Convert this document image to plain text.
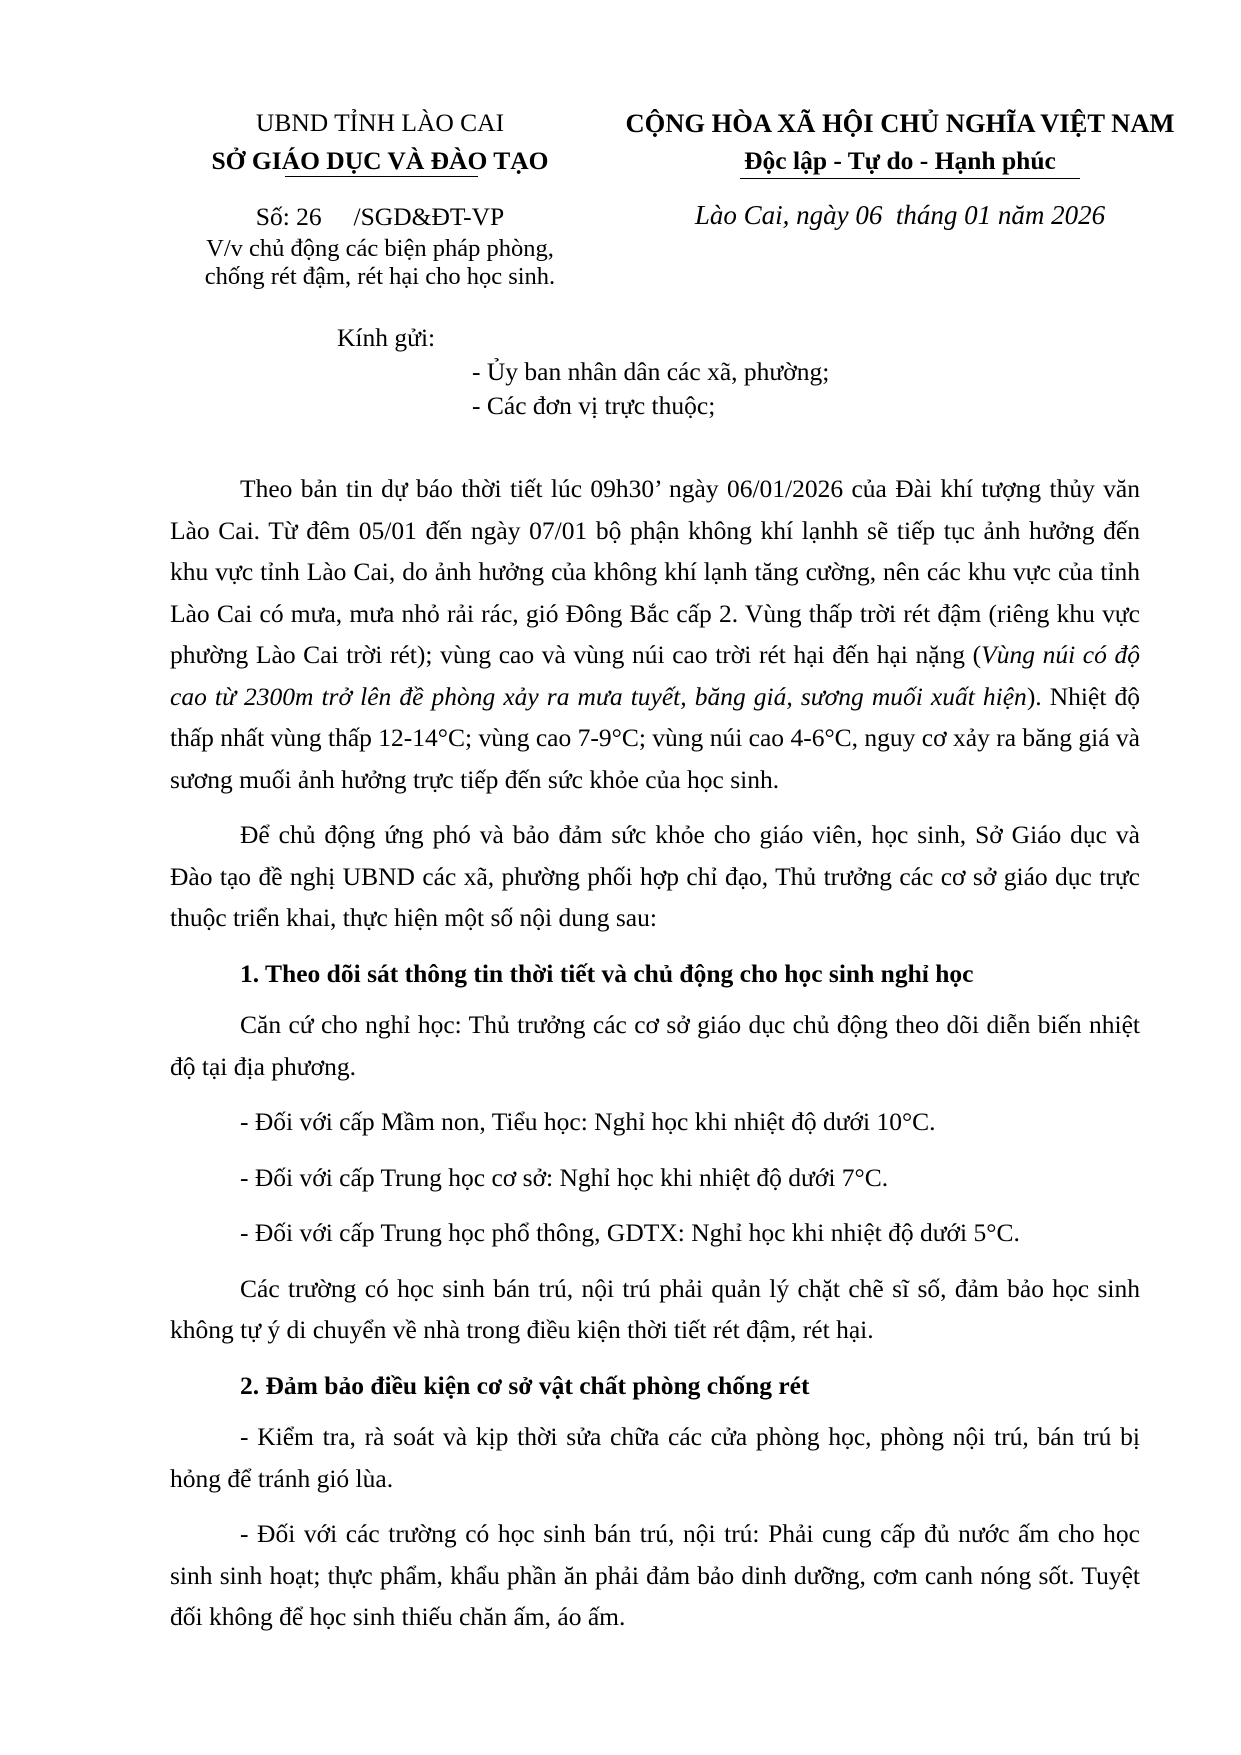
UBND TỈNH LÀO CAI
SỞ GIÁO DỤC VÀ ĐÀO TẠO
CỘNG HÒA XÃ HỘI CHỦ NGHĨA VIỆT NAM
Độc lập - Tự do - Hạnh phúc
Số: 26     /SGD&ĐT-VP
V/v chủ động các biện pháp phòng,
chống rét đậm, rét hại cho học sinh.
Lào Cai, ngày 06  tháng 01 năm 2026
Kính gửi:
- Ủy ban nhân dân các xã, phường;
- Các đơn vị trực thuộc;

Theo bản tin dự báo thời tiết lúc 09h30’ ngày 06/01/2026 của Đài khí tượng thủy văn Lào Cai. Từ đêm 05/01 đến ngày 07/01 bộ phận không khí lạnhh sẽ tiếp tục ảnh hưởng đến khu vực tỉnh Lào Cai, do ảnh hưởng của không khí lạnh tăng cường, nên các khu vực của tỉnh Lào Cai có mưa, mưa nhỏ rải rác, gió Đông Bắc cấp 2. Vùng thấp trời rét đậm (riêng khu vực phường Lào Cai trời rét); vùng cao và vùng núi cao trời rét hại đến hại nặng (Vùng núi có độ cao từ 2300m trở lên đề phòng xảy ra mưa tuyết, băng giá, sương muối xuất hiện). Nhiệt độ thấp nhất vùng thấp 12-14°C; vùng cao 7-9°C; vùng núi cao 4-6°C, nguy cơ xảy ra băng giá và sương muối ảnh hưởng trực tiếp đến sức khỏe của học sinh.

Để chủ động ứng phó và bảo đảm sức khỏe cho giáo viên, học sinh, Sở Giáo dục và Đào tạo đề nghị UBND các xã, phường phối hợp chỉ đạo, Thủ trưởng các cơ sở giáo dục trực thuộc triển khai, thực hiện một số nội dung sau:

1. Theo dõi sát thông tin thời tiết và chủ động cho học sinh nghỉ học

Căn cứ cho nghỉ học: Thủ trưởng các cơ sở giáo dục chủ động theo dõi diễn biến nhiệt độ tại địa phương.

- Đối với cấp Mầm non, Tiểu học: Nghỉ học khi nhiệt độ dưới 10°C.

- Đối với cấp Trung học cơ sở: Nghỉ học khi nhiệt độ dưới 7°C.

- Đối với cấp Trung học phổ thông, GDTX: Nghỉ học khi nhiệt độ dưới 5°C.

Các trường có học sinh bán trú, nội trú phải quản lý chặt chẽ sĩ số, đảm bảo học sinh không tự ý di chuyển về nhà trong điều kiện thời tiết rét đậm, rét hại.

2. Đảm bảo điều kiện cơ sở vật chất phòng chống rét

- Kiểm tra, rà soát và kịp thời sửa chữa các cửa phòng học, phòng nội trú, bán trú bị hỏng để tránh gió lùa.

- Đối với các trường có học sinh bán trú, nội trú: Phải cung cấp đủ nước ấm cho học sinh sinh hoạt; thực phẩm, khẩu phần ăn phải đảm bảo dinh dưỡng, cơm canh nóng sốt. Tuyệt đối không để học sinh thiếu chăn ấm, áo ấm.
